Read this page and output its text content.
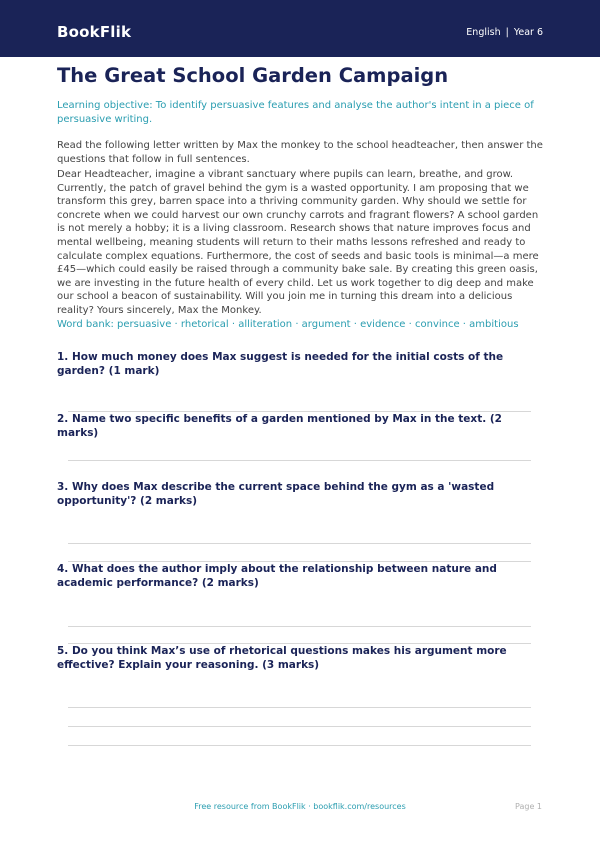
BookFlik	English | Year 6
The Great School Garden Campaign

Learning objective: To identify persuasive features and analyse the author's intent in a piece of persuasive writing.

Read the following letter written by Max the monkey to the school headteacher, then answer the questions that follow in full sentences.

Dear Headteacher, imagine a vibrant sanctuary where pupils can learn, breathe, and grow. Currently, the patch of gravel behind the gym is a wasted opportunity. I am proposing that we transform this grey, barren space into a thriving community garden. Why should we settle for concrete when we could harvest our own crunchy carrots and fragrant flowers? A school garden is not merely a hobby; it is a living classroom. Research shows that nature improves focus and mental wellbeing, meaning students will return to their maths lessons refreshed and ready to calculate complex equations. Furthermore, the cost of seeds and basic tools is minimal—a mere £45—which could easily be raised through a community bake sale. By creating this green oasis, we are investing in the future health of every child. Let us work together to dig deep and make our school a beacon of sustainability. Will you join me in turning this dream into a delicious reality? Yours sincerely, Max the Monkey.

Word bank: persuasive · rhetorical · alliteration · argument · evidence · convince · ambitious

1. How much money does Max suggest is needed for the initial costs of the garden? (1 mark)

2. Name two specific benefits of a garden mentioned by Max in the text. (2 marks)

3. Why does Max describe the current space behind the gym as a 'wasted opportunity'? (2 marks)

4. What does the author imply about the relationship between nature and academic performance? (2 marks)

5. Do you think Max’s use of rhetorical questions makes his argument more effective? Explain your reasoning. (3 marks)

Free resource from BookFlik · bookflik.com/resources	Page 1
